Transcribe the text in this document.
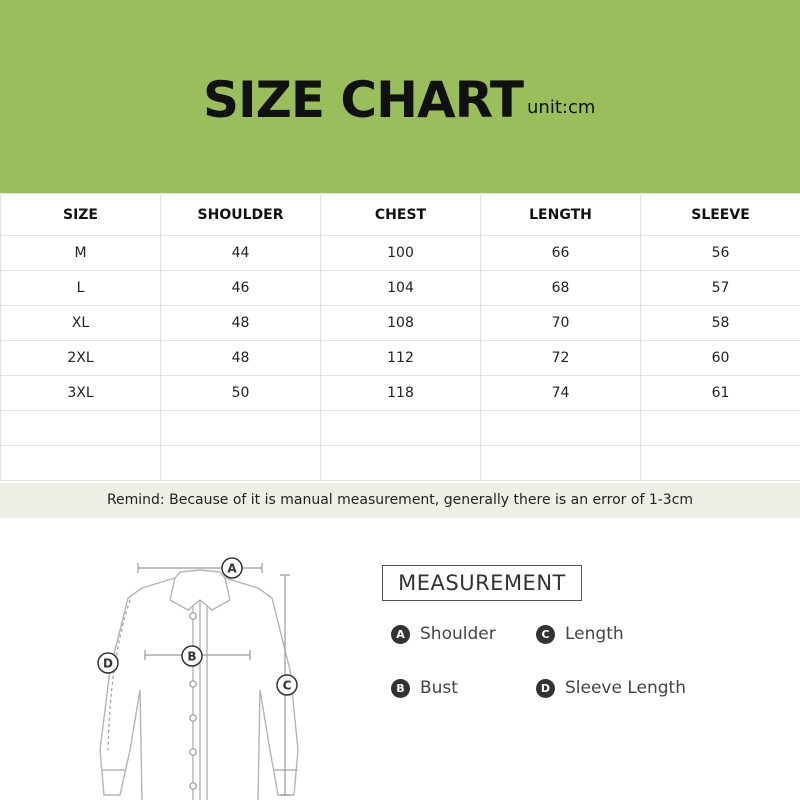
SIZE CHART unit:cm
SIZE	SHOULDER	CHEST	LENGTH	SLEEVE
M	44	100	66	56
L	46	104	68	57
XL	48	108	70	58
2XL	48	112	72	60
3XL	50	118	74	61

Remind: Because of it is manual measurement, generally there is an error of 1-3cm
A
B
C
D
MEASUREMENT
A Shoulder	C Length
B Bust	D Sleeve Length
